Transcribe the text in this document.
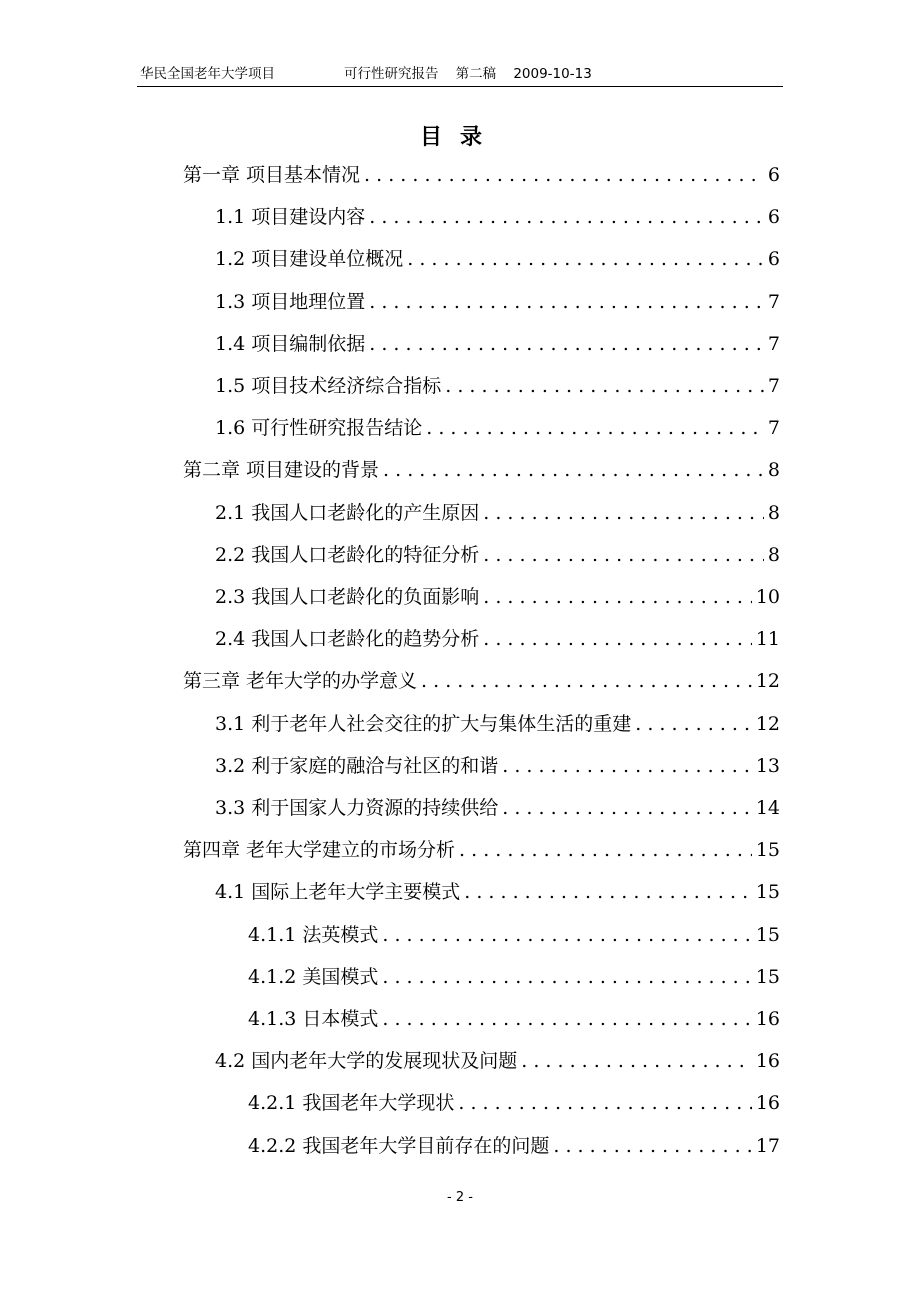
华民全国老年大学项目	可行性研究报告    第二稿    2009-10-13
目录
第一章 项目基本情况 . . .	6
1.1 项目建设内容 . . .	6
1.2 项目建设单位概况 . . .	6
1.3 项目地理位置 . . .	7
1.4 项目编制依据 . . .	7
1.5 项目技术经济综合指标 . . .	7
1.6 可行性研究报告结论 . . .	7
第二章 项目建设的背景 . . .	8
2.1 我国人口老龄化的产生原因 . . .	8
2.2 我国人口老龄化的特征分析 . . .	8
2.3 我国人口老龄化的负面影响 . . .	10
2.4 我国人口老龄化的趋势分析 . . .	11
第三章 老年大学的办学意义 . . .	12
3.1 利于老年人社会交往的扩大与集体生活的重建 . . .	12
3.2 利于家庭的融洽与社区的和谐 . . .	13
3.3 利于国家人力资源的持续供给 . . .	14
第四章 老年大学建立的市场分析 . . .	15
4.1 国际上老年大学主要模式 . . .	15
4.1.1 法英模式 . . .	15
4.1.2 美国模式 . . .	15
4.1.3 日本模式 . . .	16
4.2 国内老年大学的发展现状及问题 . . .	16
4.2.1 我国老年大学现状 . . .	16
4.2.2 我国老年大学目前存在的问题 . . .	17
- 2 -
